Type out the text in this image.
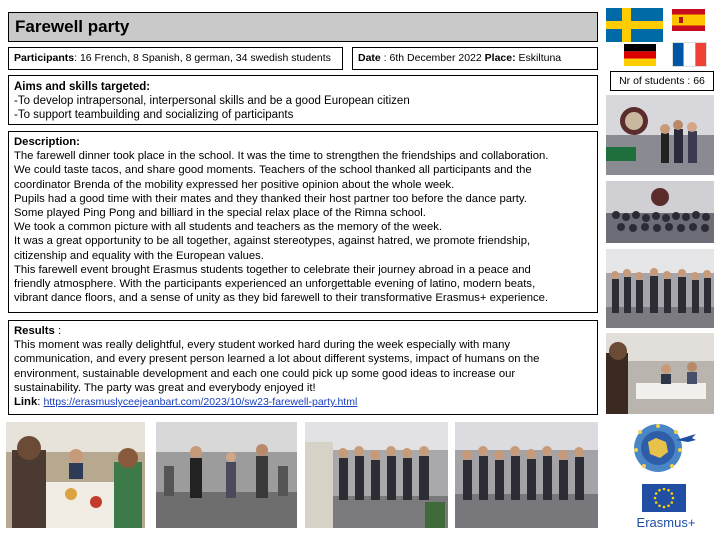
Farewell party
Participants: 16 French, 8 Spanish, 8 german, 34 swedish students	Date : 6th December 2022 Place: Eskiltuna
Aims and skills targeted:
-To develop intrapersonal, interpersonal skills and be a good European citizen
-To support teambuilding and socializing of participants
Description:
The farewell dinner took place in the school. It was the time to strengthen the friendships and collaboration.
We could taste tacos, and share good moments. Teachers of the school thanked all participants and the
coordinator Brenda of the mobility expressed her positive opinion about the whole week.
Pupils had a good time with their mates and they thanked their host partner too before the dance party.
Some played Ping Pong and billiard in the special relax place of the Rimna school.
We took a common picture with all students and teachers as the memory of the week.
It was a great opportunity to be all together, against stereotypes, against hatred, we promote friendship,
citizenship and equality with the European values.
This farewell event brought Erasmus students together to celebrate their journey abroad in a peace and
friendly atmosphere. With the participants experienced an unforgettable evening of latino, modern beats,
vibrant dance floors, and a sense of unity as they bid farewell to their transformative Erasmus+ experience.
Results :
This moment was really delightful, every student worked hard during the week especially with many
communication, and every present person learned a lot about different systems, impact of humans on the
environment, sustainable development and each one could pick up some good ideas to increase our
sustainability. The party was great and everybody enjoyed it!
Link: https://erasmuslyceejeanbart.com/2023/10/sw23-farewell-party.html
Nr of students : 66
Erasmus+
